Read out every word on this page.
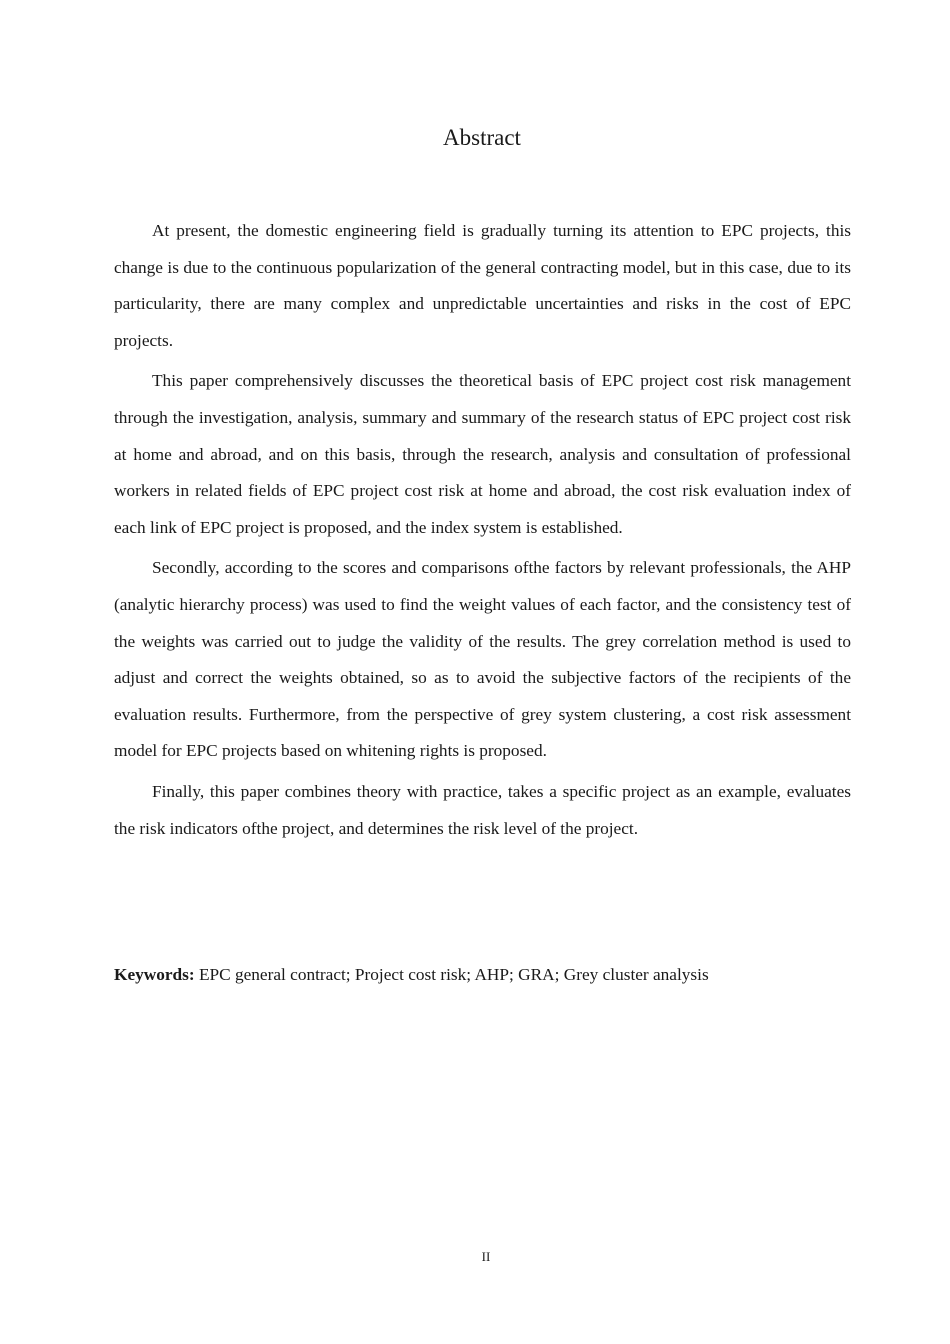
Abstract

At present, the domestic engineering field is gradually turning its attention to EPC projects, this change is due to the continuous popularization of the general contracting model, but in this case, due to its particularity, there are many complex and unpredictable uncertainties and risks in the cost of EPC projects.

This paper comprehensively discusses the theoretical basis of EPC project cost risk management through the investigation, analysis, summary and summary of the research status of EPC project cost risk at home and abroad, and on this basis, through the research, analysis and consultation of professional workers in related fields of EPC project cost risk at home and abroad, the cost risk evaluation index of each link of EPC project is proposed, and the index system is established.

Secondly, according to the scores and comparisons ofthe factors by relevant professionals, the AHP (analytic hierarchy process) was used to find the weight values of each factor, and the consistency test of the weights was carried out to judge the validity of the results. The grey correlation method is used to adjust and correct the weights obtained, so as to avoid the subjective factors of the recipients of the evaluation results. Furthermore, from the perspective of grey system clustering, a cost risk assessment model for EPC projects based on whitening rights is proposed.

Finally, this paper combines theory with practice, takes a specific project as an example, evaluates the risk indicators ofthe project, and determines the risk level of the project.

Keywords: EPC general contract; Project cost risk; AHP; GRA; Grey cluster analysis

II
